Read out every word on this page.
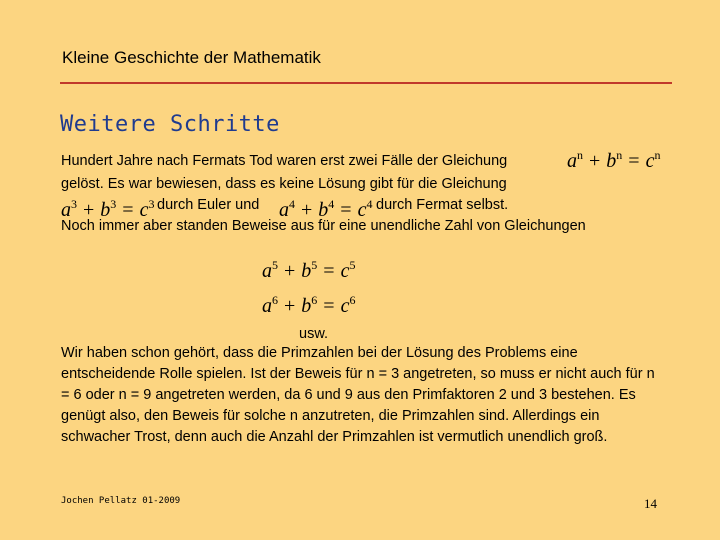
Kleine Geschichte der Mathematik
Weitere Schritte
Hundert Jahre nach Fermats Tod waren erst zwei Fälle der Gleichung	$a^n + b^n = c^n$
gelöst. Es war bewiesen, dass es keine Lösung gibt für die Gleichung
$a^3 + b^3 = c^3$ durch Euler und $a^4 + b^4 = c^4$ durch Fermat selbst.
Noch immer aber standen Beweise aus für eine unendliche Zahl von Gleichungen
$a^5 + b^5 = c^5$
$a^6 + b^6 = c^6$
usw.

Wir haben schon gehört, dass die Primzahlen bei der Lösung des Problems eine entscheidende Rolle spielen. Ist der Beweis für n = 3 angetreten, so muss er nicht auch für n = 6 oder n = 9 angetreten werden, da 6 und 9 aus den Primfaktoren 2 und 3 bestehen. Es genügt also, den Beweis für solche n anzutreten, die Primzahlen sind. Allerdings ein schwacher Trost, denn auch die Anzahl der Primzahlen ist vermutlich unendlich groß.

Jochen Pellatz 01-2009	14
